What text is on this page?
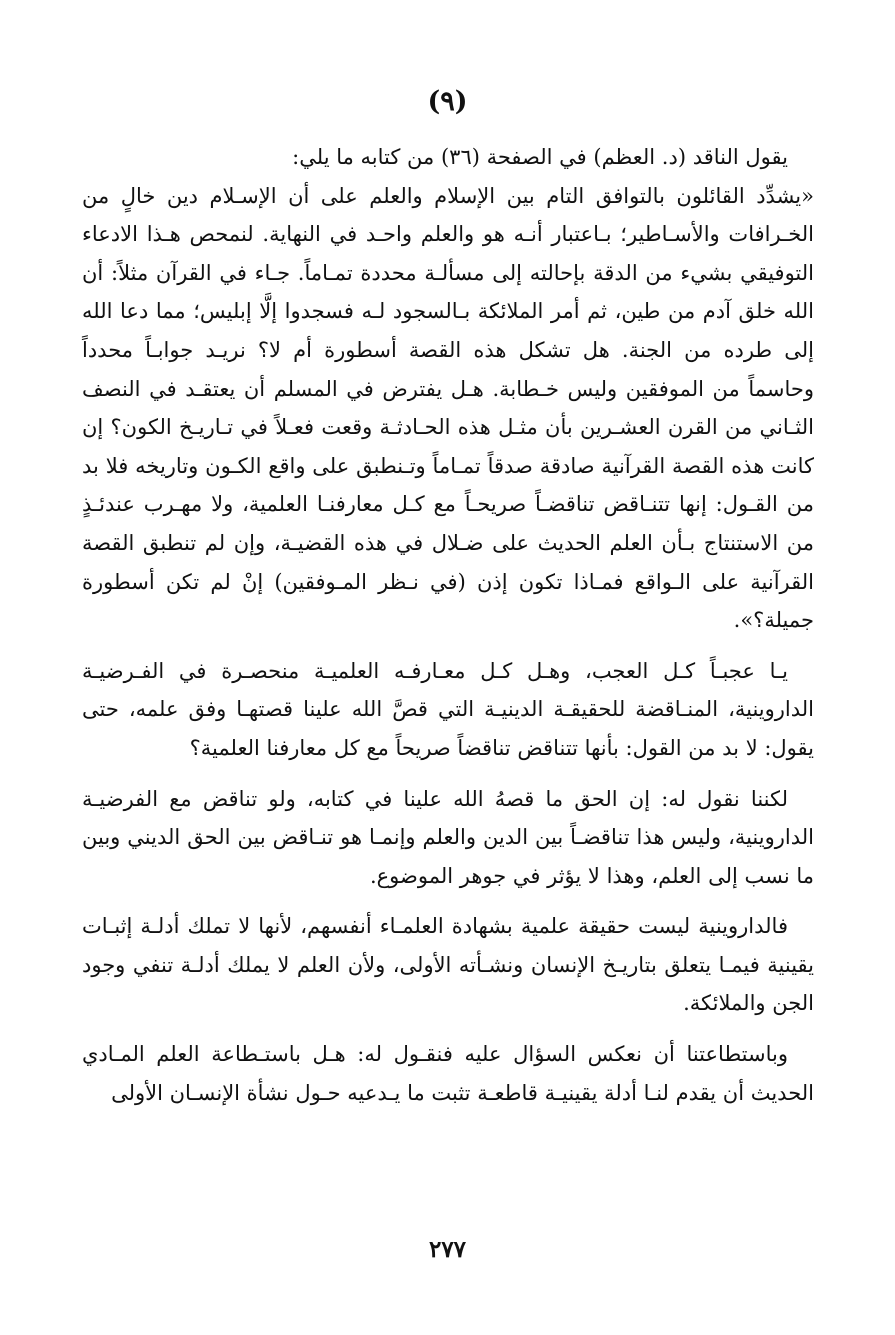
(٩)

يقول الناقد (د. العظم) في الصفحة (٣٦) من كتابه ما يلي:

«يشدِّد القائلون بالتوافق التام بين الإسلام والعلم على أن الإسـلام دين خالٍ من الخـرافات والأسـاطير؛ بـاعتبار أنـه هو والعلم واحـد في النهاية. لنمحص هـذا الادعاء التوفيقي بشيء من الدقة بإحالته إلى مسألـة محددة تمـاماً. جـاء في القرآن مثلاً: أن الله خلق آدم من طين، ثم أمر الملائكة بـالسجود لـه فسجدوا إلَّا إبليس؛ مما دعا الله إلى طرده من الجنة. هل تشكل هذه القصة أسطورة أم لا؟ نريـد جوابـاً محدداً وحاسماً من الموفقين وليس خـطابة. هـل يفترض في المسلم أن يعتقـد في النصف الثـاني من القرن العشـرين بأن مثـل هذه الحـادثـة وقعت فعـلاً في تـاريـخ الكون؟ إن كانت هذه القصة القرآنية صادقة صدقاً تمـاماً وتـنطبق على واقع الكـون وتاريخه فلا بد من القـول: إنها تتنـاقض تناقضـاً صريحـاً مع كـل معارفنـا العلمية، ولا مهـرب عندئـذٍ من الاستنتاج بـأن العلم الحديث على ضـلال في هذه القضيـة، وإن لم تنطبق القصة القرآنية على الـواقع فمـاذا تكون إذن (في نـظر المـوفقين) إنْ لم تكن أسطورة جميلة؟».

يـا عجبـاً كـل العجب، وهـل كـل معـارفـه العلميـة منحصـرة في الفـرضيـة الداروينية، المنـاقضة للحقيقـة الدينيـة التي قصَّ الله علينا قصتهـا وفق علمه، حتى يقول: لا بد من القول: بأنها تتناقض تناقضاً صريحاً مع كل معارفنا العلمية؟

لكننا نقول له: إن الحق ما قصهُ الله علينا في كتابه، ولو تناقض مع الفرضيـة الداروينية، وليس هذا تناقضـاً بين الدين والعلم وإنمـا هو تنـاقض بين الحق الديني وبين ما نسب إلى العلم، وهذا لا يؤثر في جوهر الموضوع.

فالداروينية ليست حقيقة علمية بشهادة العلمـاء أنفسهم، لأنها لا تملك أدلـة إثبـات يقينية فيمـا يتعلق بتاريـخ الإنسان ونشـأته الأولى، ولأن العلم لا يملك أدلـة تنفي وجود الجن والملائكة.

وباستطاعتنا أن نعكس السؤال عليه فنقـول له: هـل باستـطاعة العلم المـادي الحديث أن يقدم لنـا أدلة يقينيـة قاطعـة تثبت ما يـدعيه حـول نشأة الإنسـان الأولى

٢٧٧
